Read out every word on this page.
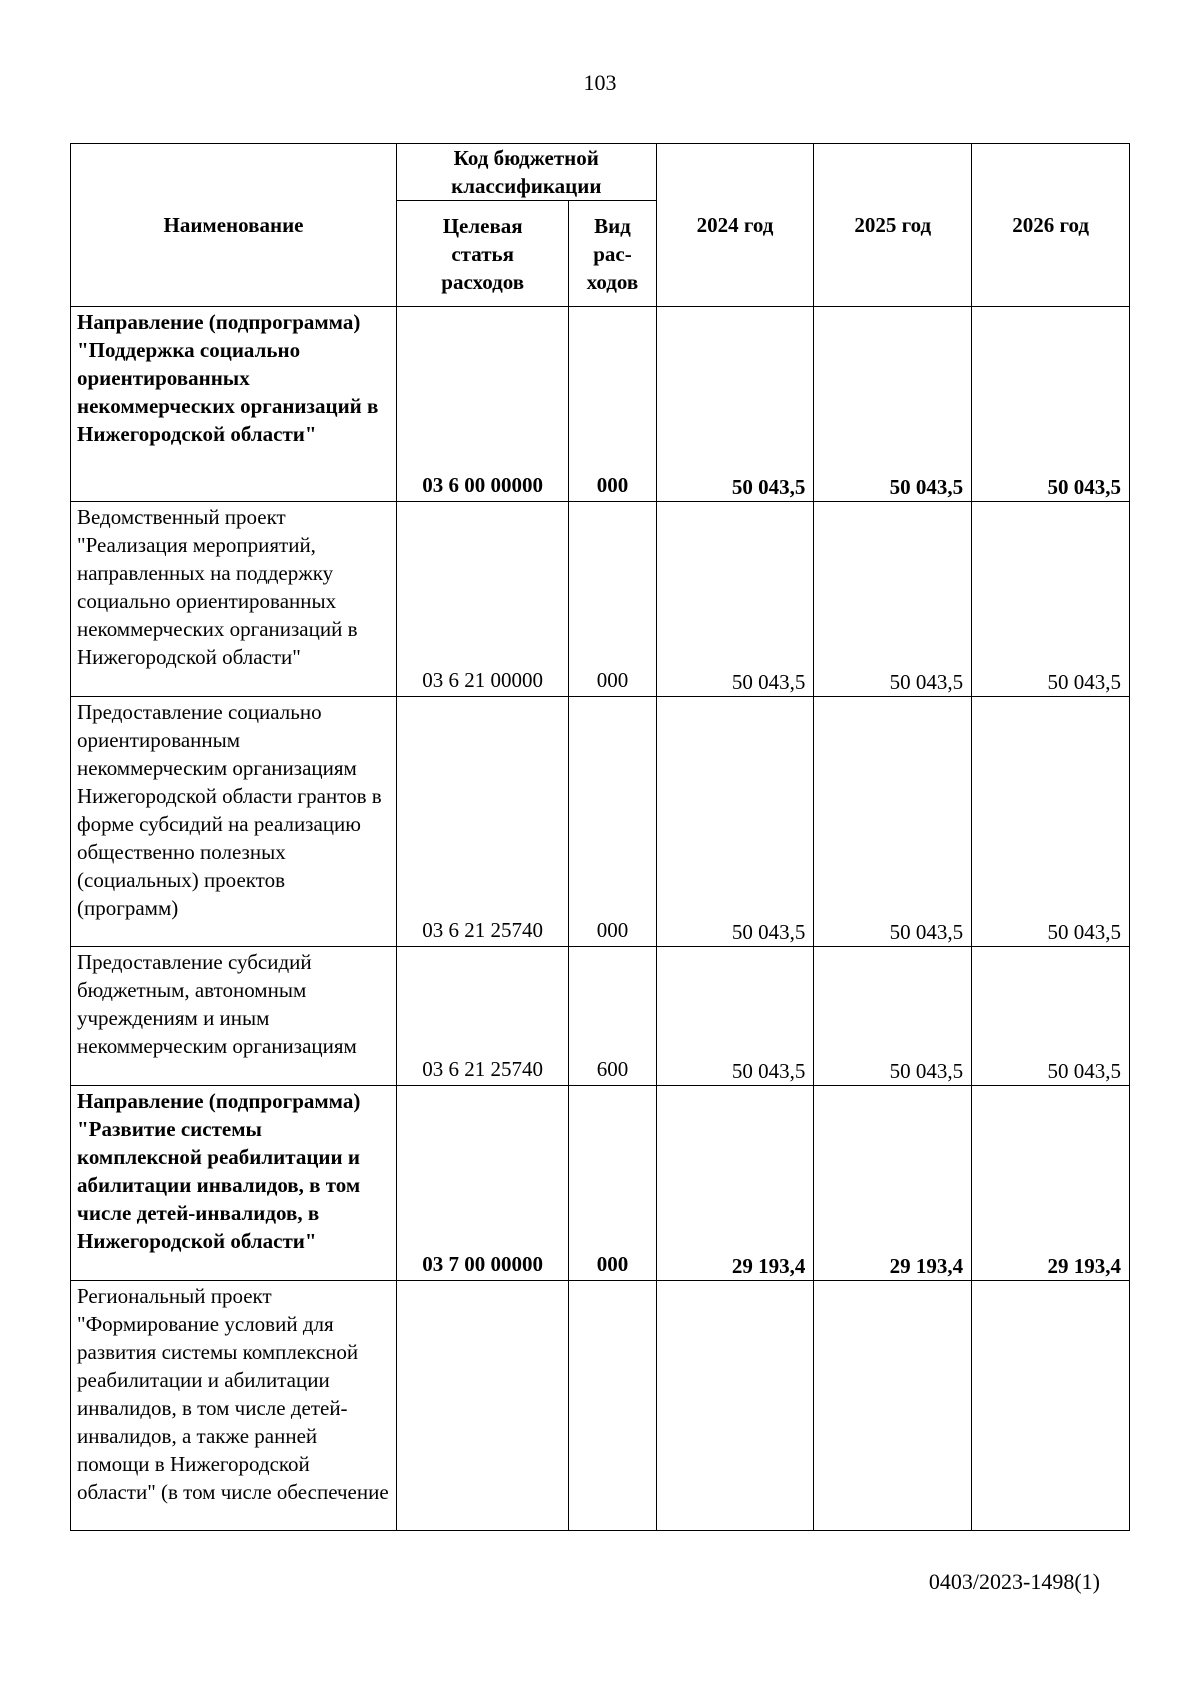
103
Наименование	Код бюджетной классификации		2024 год	2025 год	2026 год
	Целевая статья расходов	Вид рас-ходов			
Направление (подпрограмма) "Поддержка социально ориентированных некоммерческих организаций в Нижегородской области"	03 6 00 00000	000	50 043,5	50 043,5	50 043,5
Ведомственный проект "Реализация мероприятий, направленных на поддержку социально ориентированных некоммерческих организаций в Нижегородской области"	03 6 21 00000	000	50 043,5	50 043,5	50 043,5
Предоставление социально ориентированным некоммерческим организациям Нижегородской области грантов в форме субсидий на реализацию общественно полезных (социальных) проектов (программ)	03 6 21 25740	000	50 043,5	50 043,5	50 043,5
Предоставление субсидий бюджетным, автономным учреждениям и иным некоммерческим организациям	03 6 21 25740	600	50 043,5	50 043,5	50 043,5
Направление (подпрограмма) "Развитие системы комплексной реабилитации и абилитации инвалидов, в том числе детей-инвалидов, в Нижегородской области"	03 7 00 00000	000	29 193,4	29 193,4	29 193,4
Региональный проект "Формирование условий для развития системы комплексной реабилитации и абилитации инвалидов, в том числе детей-инвалидов, а также ранней помощи в Нижегородской области" (в том числе обеспечение					
0403/2023-1498(1)
